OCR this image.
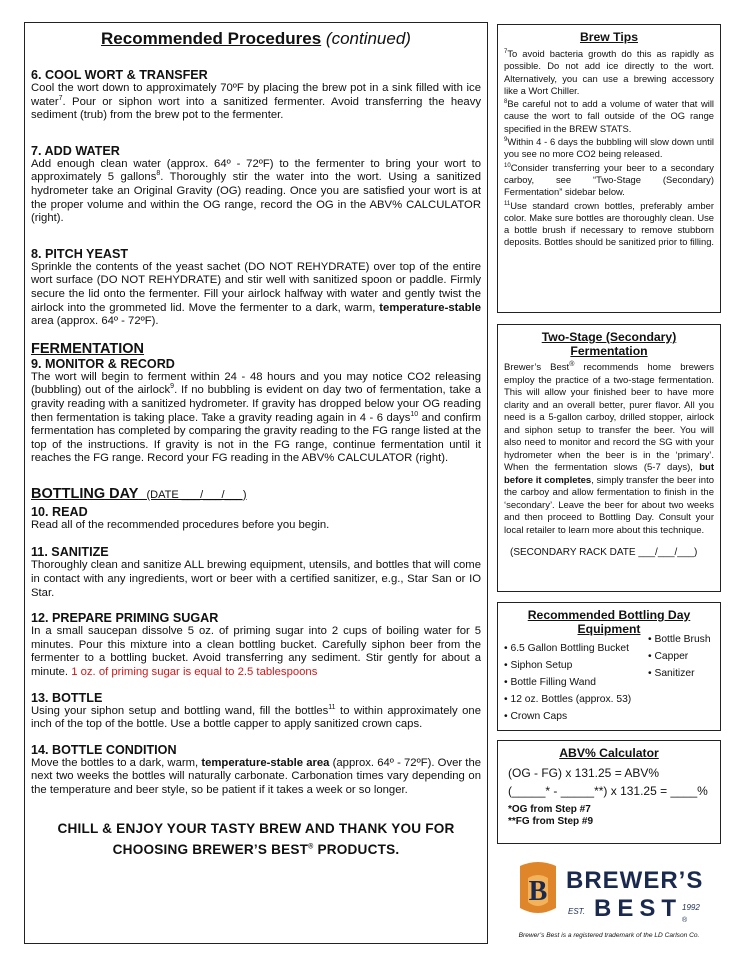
Recommended Procedures (continued)

6. COOL WORT & TRANSFER

Cool the wort down to approximately 70ºF by placing the brew pot in a sink filled with ice water$^7$. Pour or siphon wort into a sanitized fermenter. Avoid transferring the heavy sediment (trub) from the brew pot to the fermenter.

7. ADD WATER

Add enough clean water (approx. 64º - 72ºF) to the fermenter to bring your wort to approximately 5 gallons$^8$. Thoroughly stir the water into the wort. Using a sanitized hydrometer take an Original Gravity (OG) reading. Once you are satisfied your wort is at the proper volume and within the OG range, record the OG in the ABV% CALCULATOR (right).

8. PITCH YEAST

Sprinkle the contents of the yeast sachet (DO NOT REHYDRATE) over top of the entire wort surface (DO NOT REHYDRATE) and stir well with sanitized spoon or paddle. Firmly secure the lid onto the fermenter. Fill your airlock halfway with water and gently twist the airlock into the grommeted lid. Move the fermenter to a dark, warm, temperature-stable area (approx. 64º - 72ºF).

FERMENTATION

9. MONITOR & RECORD

The wort will begin to ferment within 24 - 48 hours and you may notice CO2 releasing (bubbling) out of the airlock$^9$. If no bubbling is evident on day two of fermentation, take a gravity reading with a sanitized hydrometer. If gravity has dropped below your OG reading then fermentation is taking place. Take a gravity reading again in 4 - 6 days$^{10}$ and confirm fermentation has completed by comparing the gravity reading to the FG range listed at the top of the instructions. If gravity is not in the FG range, continue fermentation until it reaches the FG range. Record your FG reading in the ABV% CALCULATOR (right).

BOTTLING DAY (DATE ___/___/___)

10. READ

Read all of the recommended procedures before you begin.

11. SANITIZE

Thoroughly clean and sanitize ALL brewing equipment, utensils, and bottles that will come in contact with any ingredients, wort or beer with a certified sanitizer, e.g., Star San or IO Star.

12. PREPARE PRIMING SUGAR

In a small saucepan dissolve 5 oz. of priming sugar into 2 cups of boiling water for 5 minutes. Pour this mixture into a clean bottling bucket. Carefully siphon beer from the fermenter to a bottling bucket. Avoid transferring any sediment. Stir gently for about a minute. 1 oz. of priming sugar is equal to 2.5 tablespoons

13. BOTTLE

Using your siphon setup and bottling wand, fill the bottles$^{11}$ to within approximately one inch of the top of the bottle. Use a bottle capper to apply sanitized crown caps.

14. BOTTLE CONDITION

Move the bottles to a dark, warm, temperature-stable area (approx. 64º - 72ºF). Over the next two weeks the bottles will naturally carbonate. Carbonation times vary depending on the temperature and beer style, so be patient if it takes a week or so longer.

CHILL & ENJOY YOUR TASTY BREW AND THANK YOU FOR
CHOOSING BREWER’S BEST® PRODUCTS.

Brew Tips

$^7$To avoid bacteria growth do this as rapidly as possible. Do not add ice directly to the wort. Alternatively, you can use a brewing accessory like a Wort Chiller.

$^8$Be careful not to add a volume of water that will cause the wort to fall outside of the OG range specified in the BREW STATS.

$^9$Within 4 - 6 days the bubbling will slow down until you see no more CO2 being released.

$^{10}$Consider transferring your beer to a secondary carboy, see “Two-Stage (Secondary) Fermentation” sidebar below.

$^{11}$Use standard crown bottles, preferably amber color. Make sure bottles are thoroughly clean. Use a bottle brush if necessary to remove stubborn deposits. Bottles should be sanitized prior to filling.

Two-Stage (Secondary) Fermentation

Brewer’s Best® recommends home brewers employ the practice of a two-stage fermentation. This will allow your finished beer to have more clarity and an overall better, purer flavor. All you need is a 5-gallon carboy, drilled stopper, airlock and siphon setup to transfer the beer. You will also need to monitor and record the SG with your hydrometer when the beer is in the ‘primary’. When the fermentation slows (5-7 days), but before it completes, simply transfer the beer into the carboy and allow fermentation to finish in the ‘secondary’. Leave the beer for about two weeks and then proceed to Bottling Day. Consult your local retailer to learn more about this technique.

(SECONDARY RACK DATE ___/___/___)

Recommended Bottling Day Equipment

• 6.5 Gallon Bottling Bucket
• Siphon Setup
• Bottle Filling Wand
• 12 oz. Bottles (approx. 53)
• Crown Caps
• Bottle Brush
• Capper
• Sanitizer

ABV% Calculator

(OG - FG) x 131.25 = ABV%

(_____* - _____**) x 131.25 = ____%

*OG from Step #7

**FG from Step #9

B BREWER’S
EST. BEST 1992
®
Brewer’s Best is a registered trademark of the LD Carlson Co.
